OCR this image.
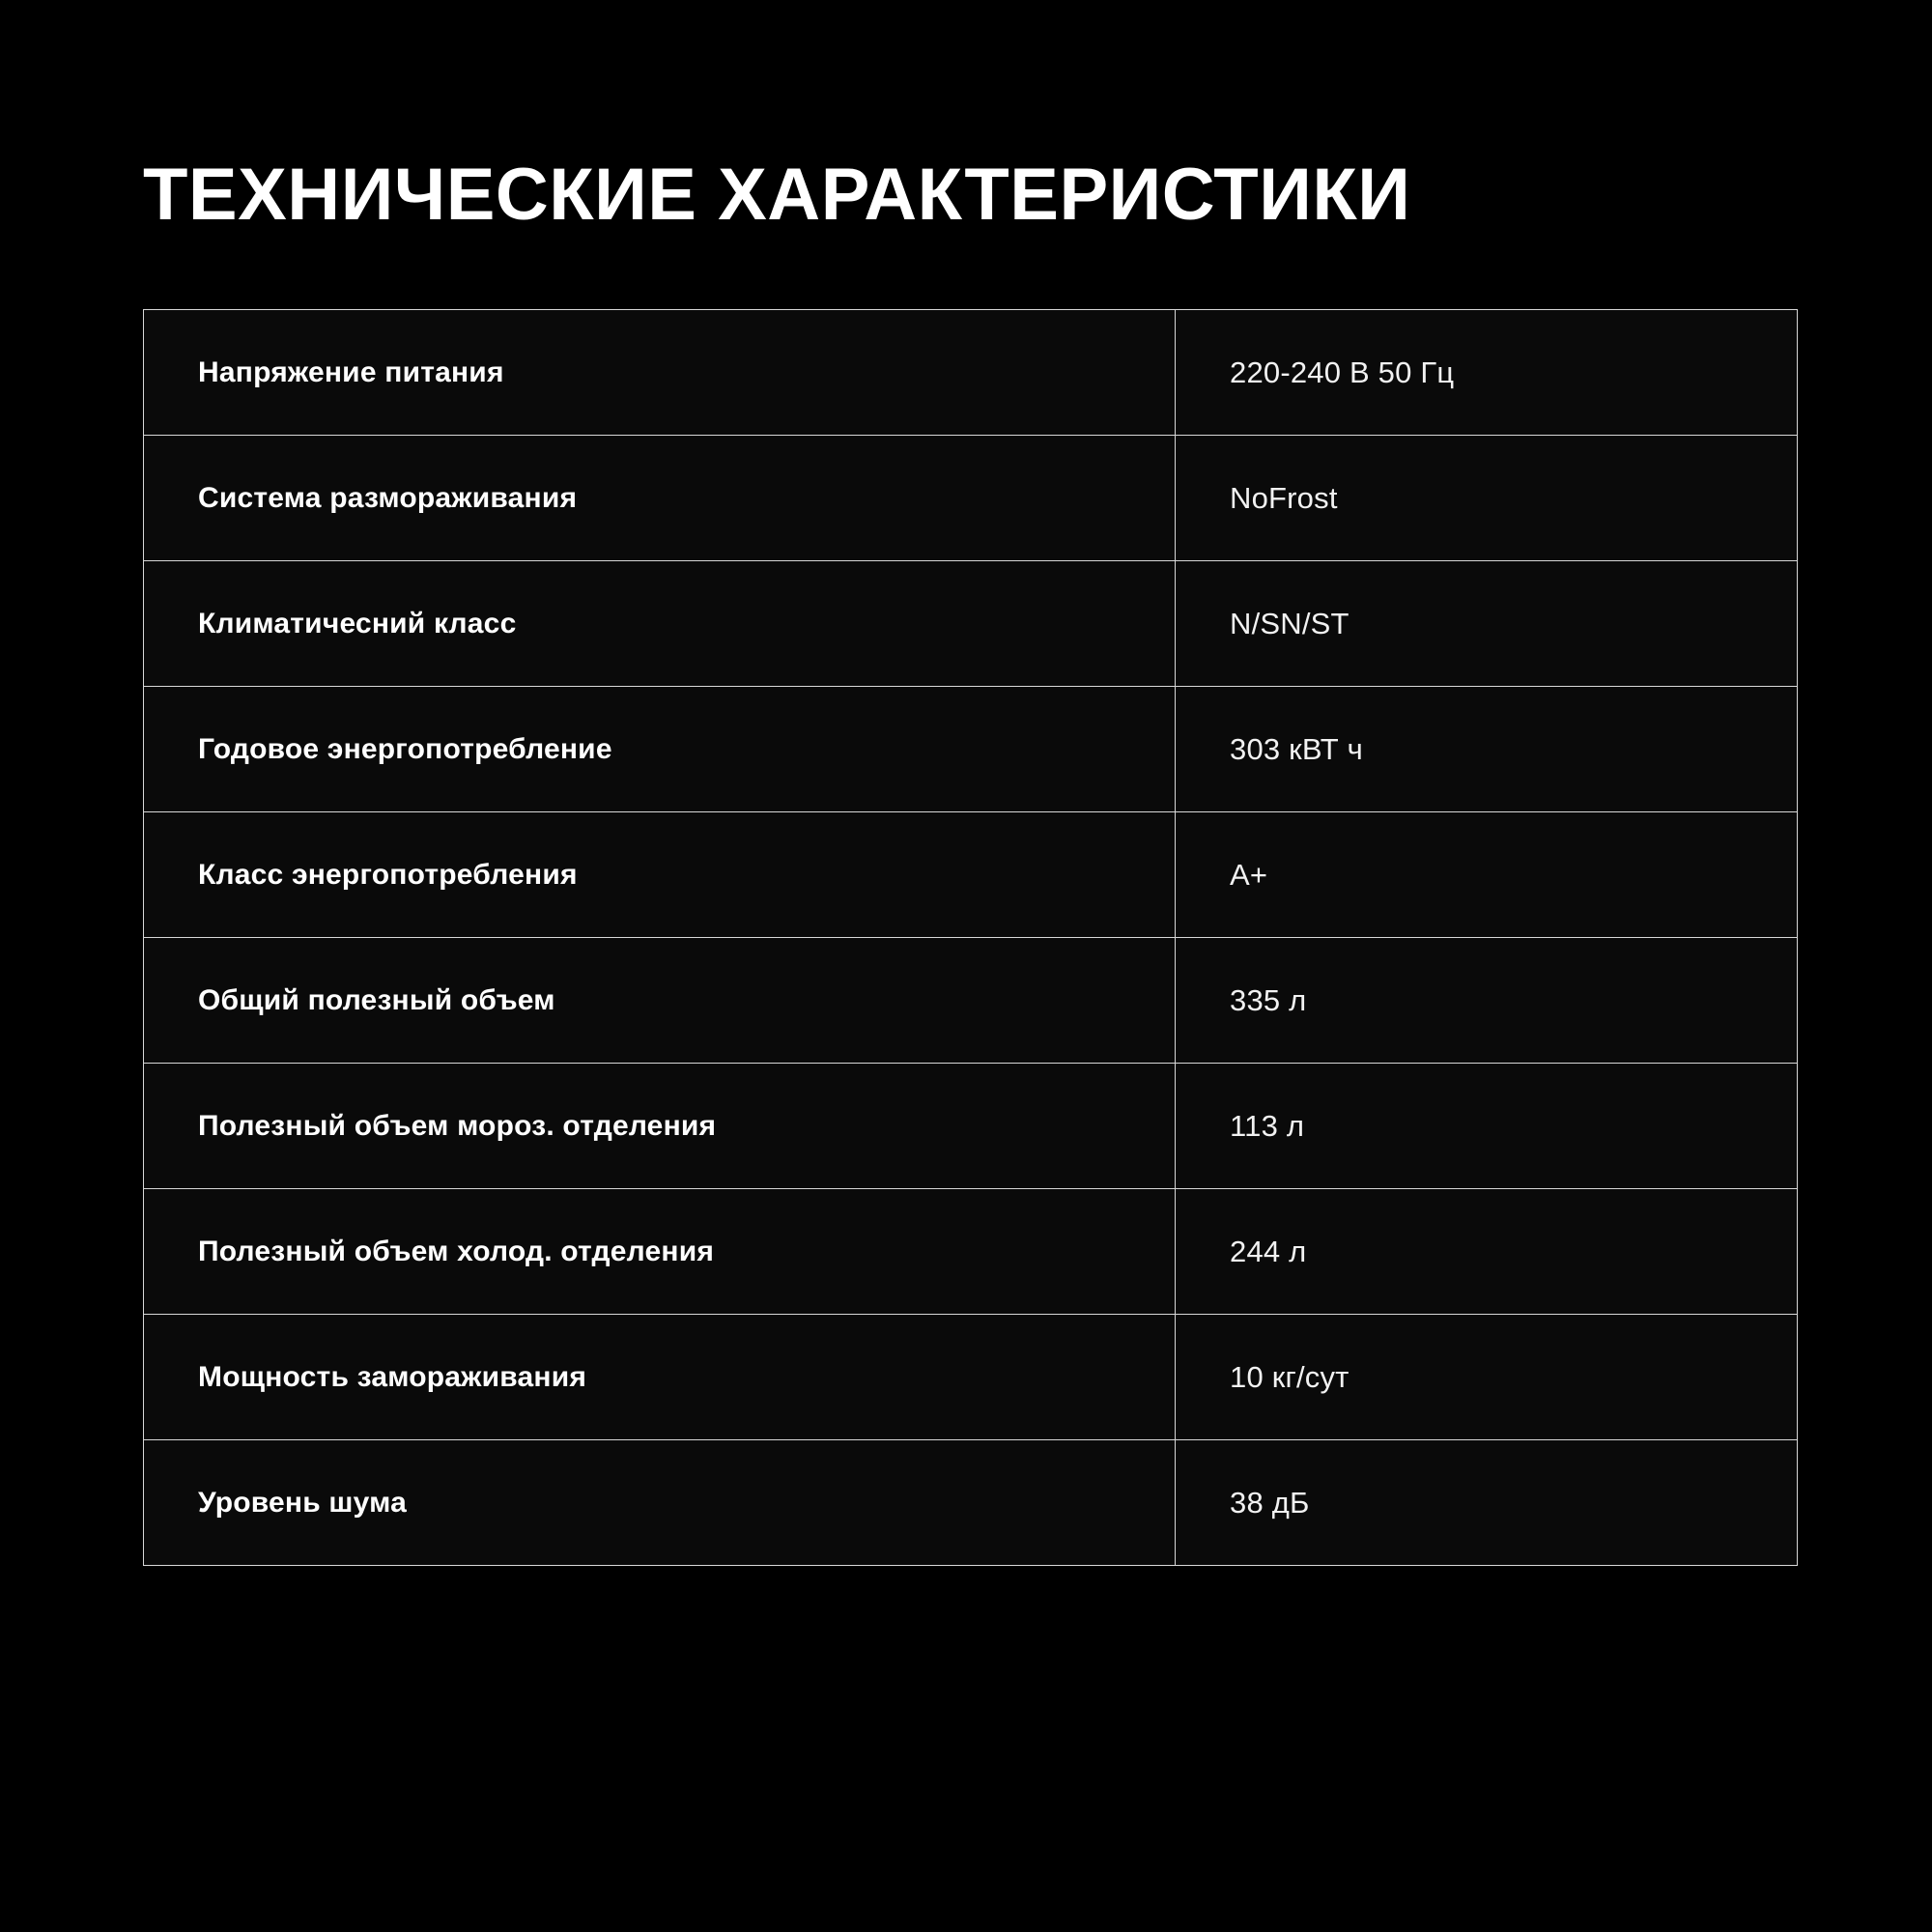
ТЕХНИЧЕСКИЕ ХАРАКТЕРИСТИКИ
Напряжение питания	220-240 В 50 Гц
Система размораживания	NoFrost
Климатичесний класс	N/SN/ST
Годовое энергопотребление	303 кВТ ч
Класс энергопотребления	A+
Общий полезный объем	335 л
Полезный объем мороз. отделения	113 л
Полезный объем холод. отделения	244 л
Мощность замораживания	10 кг/сут
Уровень шума	38 дБ
